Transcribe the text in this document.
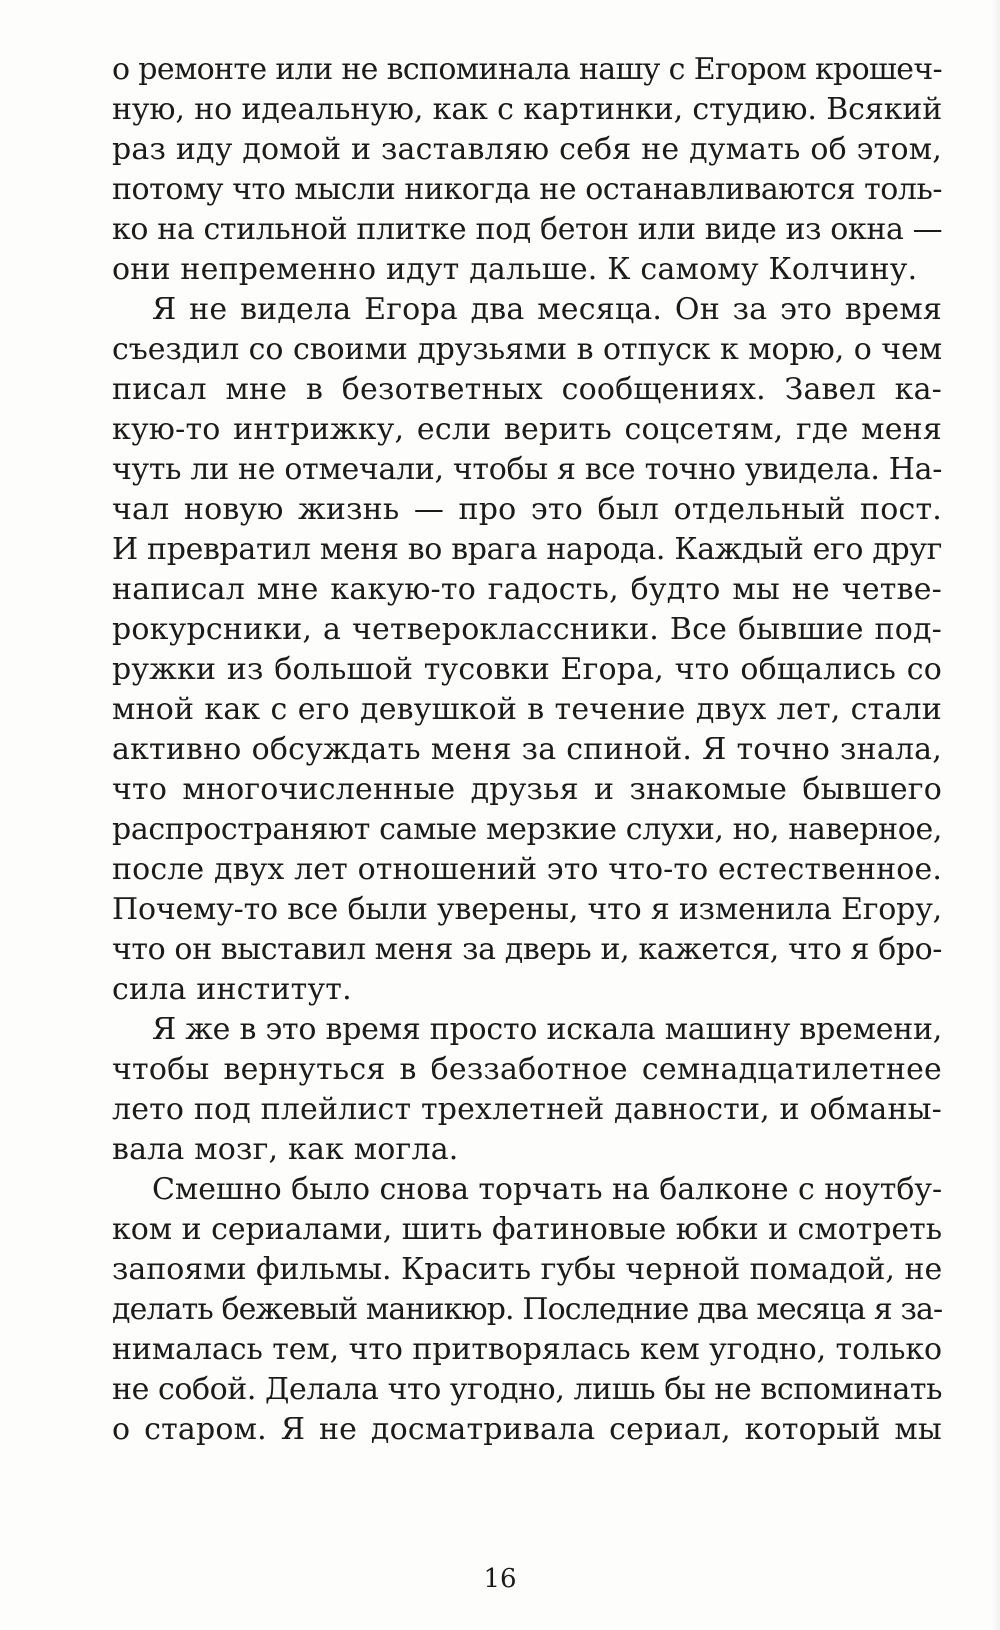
о ремонте или не вспоминала нашу с Егором крошеч-
ную, но идеальную, как с картинки, студию. Всякий
раз иду домой и заставляю себя не думать об этом,
потому что мысли никогда не останавливаются толь-
ко на стильной плитке под бетон или виде из окна —
они непременно идут дальше. К самому Колчину.
Я не видела Егора два месяца. Он за это время
съездил со своими друзьями в отпуск к морю, о чем
писал мне в безответных сообщениях. Завел ка-
кую-то интрижку, если верить соцсетям, где меня
чуть ли не отмечали, чтобы я все точно увидела. На-
чал новую жизнь — про это был отдельный пост.
И превратил меня во врага народа. Каждый его друг
написал мне какую-то гадость, будто мы не четве-
рокурсники, а четвероклассники. Все бывшие под-
ружки из большой тусовки Егора, что общались со
мной как с его девушкой в течение двух лет, стали
активно обсуждать меня за спиной. Я точно знала,
что многочисленные друзья и знакомые бывшего
распространяют самые мерзкие слухи, но, наверное,
после двух лет отношений это что-то естественное.
Почему-то все были уверены, что я изменила Егору,
что он выставил меня за дверь и, кажется, что я бро-
сила институт.
Я же в это время просто искала машину времени,
чтобы вернуться в беззаботное семнадцатилетнее
лето под плейлист трехлетней давности, и обманы-
вала мозг, как могла.
Смешно было снова торчать на балконе с ноутбу-
ком и сериалами, шить фатиновые юбки и смотреть
запоями фильмы. Красить губы черной помадой, не
делать бежевый маникюр. Последние два месяца я за-
нималась тем, что притворялась кем угодно, только
не собой. Делала что угодно, лишь бы не вспоминать
о старом. Я не досматривала сериал, который мы
16
